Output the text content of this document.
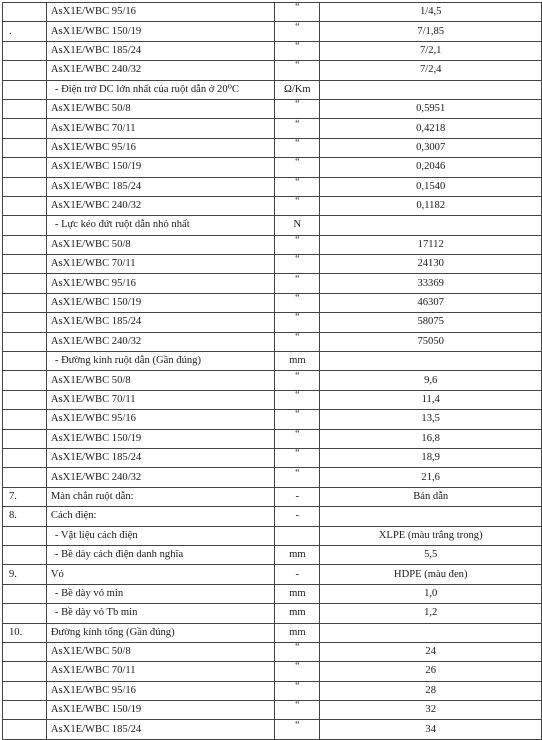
	AsX1E/WBC 95/16	“	1/4,5
.	AsX1E/WBC 150/19	“	7/1,85
	AsX1E/WBC 185/24	“	7/2,1
	AsX1E/WBC 240/32	“	7/2,4
	- Điện trở DC lớn nhất của ruột dẫn ở 20⁰C	Ω/Km	
	AsX1E/WBC 50/8	“	0,5951
	AsX1E/WBC 70/11	“	0,4218
	AsX1E/WBC 95/16	“	0,3007
	AsX1E/WBC 150/19	“	0,2046
	AsX1E/WBC 185/24	“	0,1540
	AsX1E/WBC 240/32	“	0,1182
	- Lực kéo đứt ruột dẫn nhỏ nhất	N	
	AsX1E/WBC 50/8	“	17112
	AsX1E/WBC 70/11	“	24130
	AsX1E/WBC 95/16	“	33369
	AsX1E/WBC 150/19	“	46307
	AsX1E/WBC 185/24	“	58075
	AsX1E/WBC 240/32	“	75050
	- Đường kính ruột dẫn (Gần đúng)	mm	
	AsX1E/WBC 50/8	“	9,6
	AsX1E/WBC 70/11	“	11,4
	AsX1E/WBC 95/16	“	13,5
	AsX1E/WBC 150/19	“	16,8
	AsX1E/WBC 185/24	“	18,9
	AsX1E/WBC 240/32	“	21,6
7.	Màn chắn ruột dẫn:	-	Bán dẫn
8.	Cách điện:	-	
	- Vật liệu cách điện		XLPE (màu trắng trong)
	- Bề dày cách điện danh nghĩa	mm	5,5
9.	Vỏ	-	HDPE (màu đen)
	- Bề dày vỏ min	mm	1,0
	- Bề dày vỏ Tb min	mm	1,2
10.	Đường kính tổng (Gần đúng)	mm	
	AsX1E/WBC 50/8	“	24
	AsX1E/WBC 70/11	“	26
	AsX1E/WBC 95/16	“	28
	AsX1E/WBC 150/19	“	32
	AsX1E/WBC 185/24	“	34
